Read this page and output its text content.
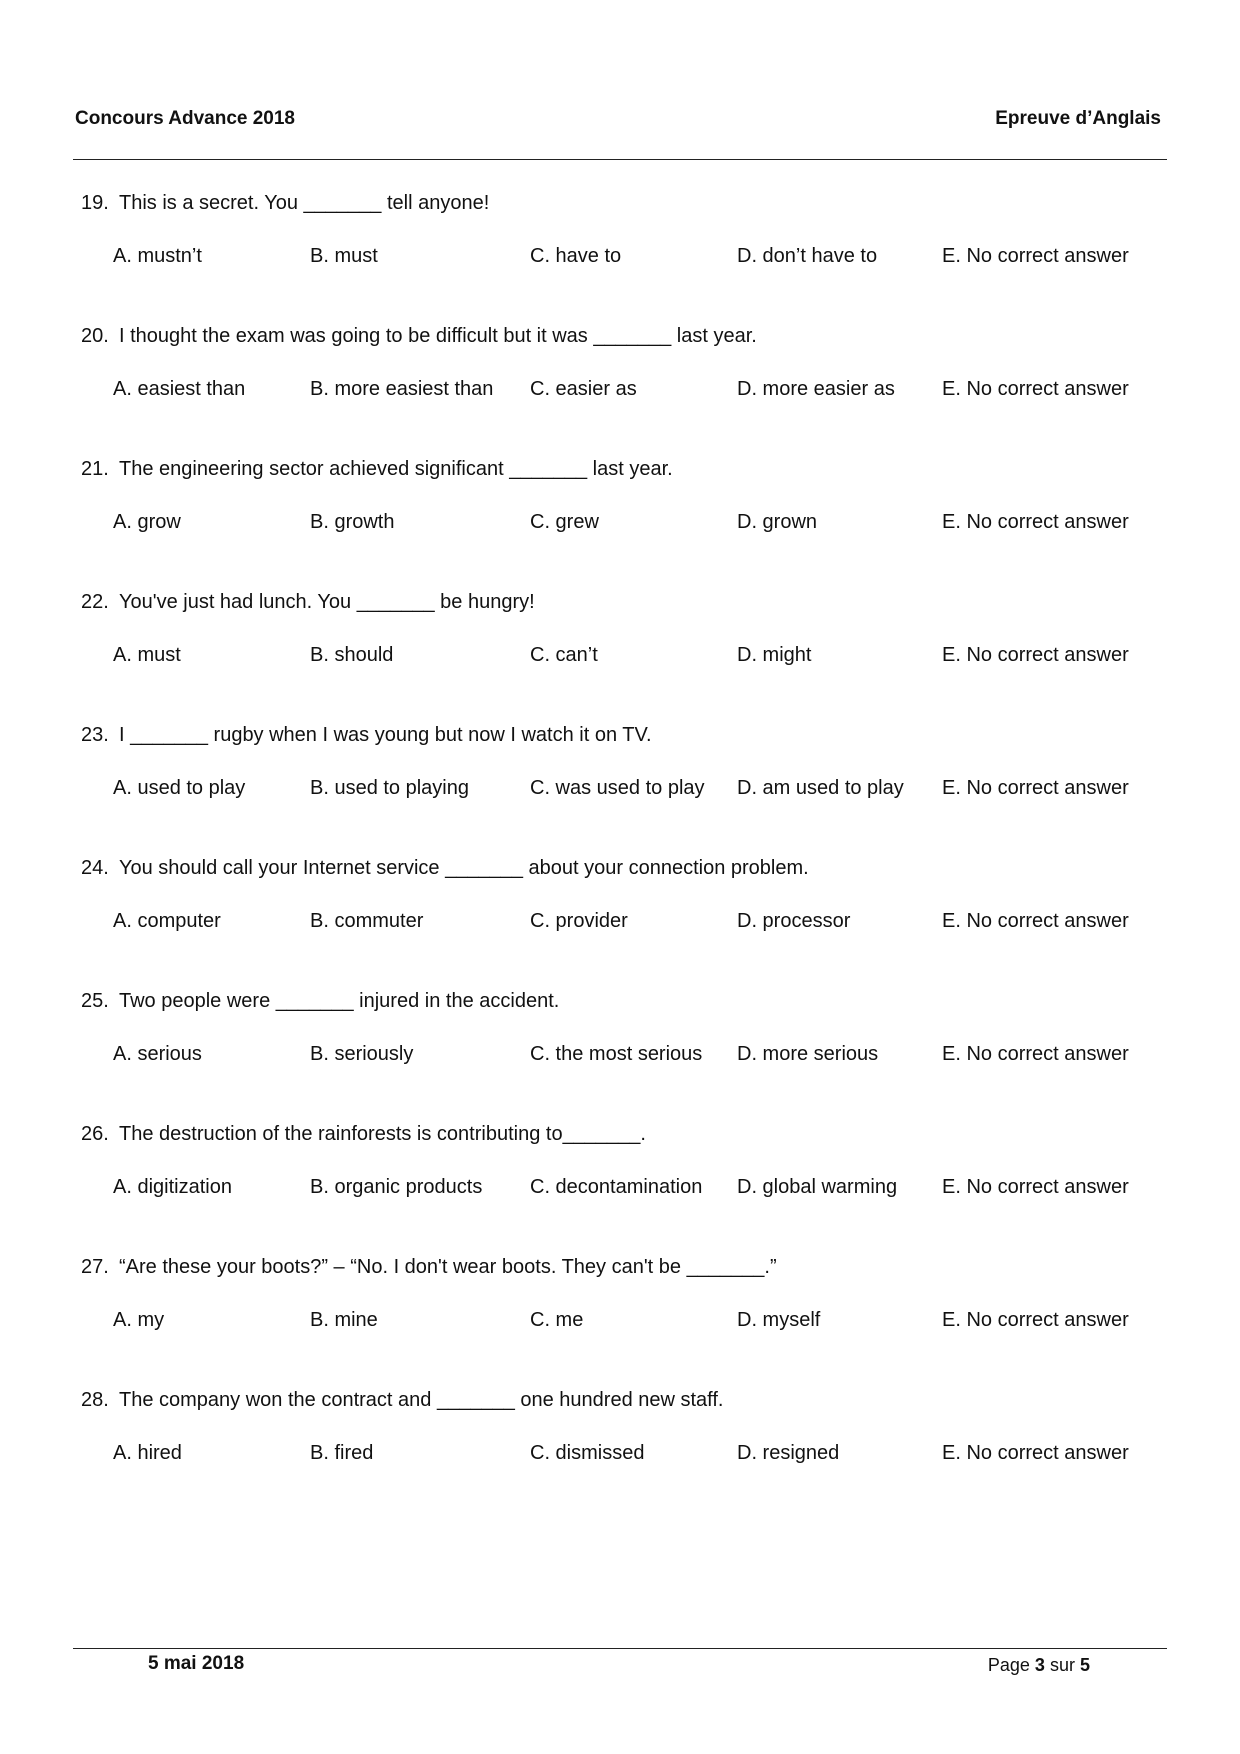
Concours Advance 2018	Epreuve d’Anglais
19. This is a secret. You _______ tell anyone!
A. mustn’t	B. must	C. have to	D. don’t have to	E. No correct answer
20. I thought the exam was going to be difficult but it was _______ last year.
A. easiest than	B. more easiest than C. easier as	D. more easier as E. No correct answer
21. The engineering sector achieved significant _______ last year.
A. grow	B. growth	C. grew	D. grown	E. No correct answer
22. You've just had lunch. You _______ be hungry!
A. must	B. should	C. can’t	D. might	E. No correct answer
23. I _______ rugby when I was young but now I watch it on TV.
A. used to play	B. used to playing	C. was used to play D. am used to play E. No correct answer
24. You should call your Internet service _______ about your connection problem.
A. computer	B. commuter	C. provider	D. processor	E. No correct answer
25. Two people were _______ injured in the accident.
A. serious	B. seriously	C. the most serious D. more serious	E. No correct answer
26. The destruction of the rainforests is contributing to_______.
A. digitization	B. organic products C. decontamination D. global warming E. No correct answer
27. “Are these your boots?” – “No. I don't wear boots. They can't be _______.”
A. my	B. mine	C. me	D. myself	E. No correct answer
28. The company won the contract and _______ one hundred new staff.
A. hired	B. fired	C. dismissed	D. resigned	E. No correct answer
5 mai 2018	Page 3 sur 5
